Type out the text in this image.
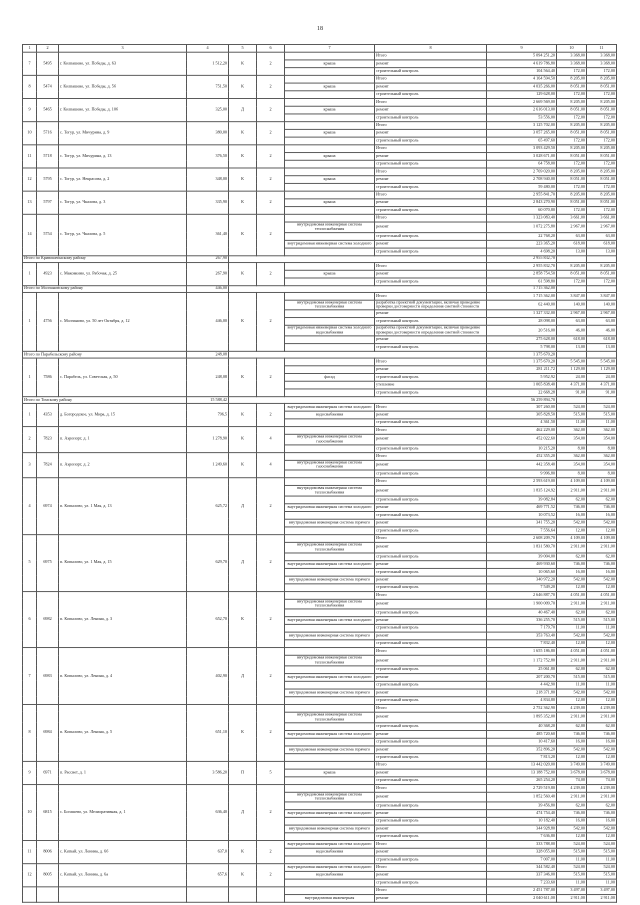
18
1	2	3	4	5	6	7	8	9	10	11
7	5495	г. Колпашево, ул. Победы, д. 63	1 512,20	К	2		Итого	5 094 251,20	3 368,00	3 368,00
						крыша	ремонт	4 619 786,80	3 368,00	3 368,00
							строительный контроль	104 564,40	172,00	172,00
8	5474	г. Колпашево, ул. Победы, д. 5б	751,50	К	2		Итого	4 164 594,50	8 205,00	8 205,00
						крыша	ремонт	4 035 266,00	8 051,00	8 051,00
							строительный контроль	129 628,00	172,00	172,00
9	5465	г. Колпашево, ул. Победы, д. 10б	325,00	Д	2		Итого	2 669 569,00	8 205,00	8 205,00
						крыша	ремонт	2 616 013,00	8 051,00	8 051,00
							строительный контроль	53 556,00	172,00	172,00
10	5716	с. Тогур, ул. Мичурина, д. 9	380,00	К	2		Итого	3 125 702,00	8 205,00	8 205,00
						крыша	ремонт	3 057 265,00	8 051,00	8 051,00
							строительный контроль	65 497,60	172,00	172,00
11	5718	с. Тогур, ул. Мичурина, д. 13	376,50	К	2		Итого	3 093 429,50	8 205,00	8 205,00
						крыша	ремонт	3 028 671,00	8 051,00	8 051,00
							строительный контроль	64 758,00	172,00	172,00
12	5795	с. Тогур, ул. Некрасова, д. 2	348,00	К	2		Итого	2 769 020,00	8 205,00	8 205,00
						крыша	ремонт	2 708 940,00	8 051,00	8 051,00
							строительный контроль	59 480,00	172,00	172,00
13	5797	с. Тогур, ул. Чкалова, д. 3	335,90	К	2		Итого	2 955 841,70	8 205,00	8 205,00
						крыша	ремонт	2 843 270,90	8 051,00	8 051,00
							строительный контроль	60 070,80	172,00	172,00
14	5754	с. Тогур, ул. Чкалова, д. 5	361,40	К	2		Итого	1 323 083,40	3 661,00	3 661,00
						внутридомовая инженерная система теплоснабжения	ремонт	1 072 275,80	2 967,00	2 967,00
							строительный контроль	22 768,20	63,00	63,00
						внутридомовая инженерная система холодного	ремонт	223 365,20	618,00	618,00
							строительный контроль	4 698,20	13,00	13,00
Итого по Кривошеинскому району			267,90					2 955 832,70		
1	4923	с. Маковкино, ул. Рабочая, д. 25	267,90	К	2		Итого	2 955 832,70	8 205,00	8 205,00
						крыша	ремонт	2 858 754,50	8 051,00	8 051,00
							строительный контроль	61 598,80	172,00	172,00
Итого по Молчановскому району			446,00					1 715 362,00		
1	4756	с. Молчаново, ул. 50 лет Октября, д. 12	446,00	К	2		Итого	1 715 362,00	3 847,00	3 847,00
						внутридомовая инженерная система теплоснабжения	разработка проектной документации, включая проведение проверки достоверности определения сметной стоимости	62 440,00	140,00	140,00
							ремонт	1 327 332,00	2 967,00	2 967,00
							строительный контроль	28 098,00	63,00	63,00
						внутридомовая инженерная система холодного водоснабжения	разработка проектной документации, включая проведение проверки достоверности определения сметной стоимости	20 516,00	46,00	46,00
							ремонт	275 628,00	618,00	618,00
							строительный контроль	5 798,00	13,00	13,00
Итого по Парабельскому району			248,08					1 375 670,20		
1	7586	с. Парабель, ул. Советская, д. 50	248,08	К	2		Итого	1 375 670,20	5 545,00	5 545,00
							ремонт	281 211,72	1 129,00	1 129,00
						фасад	строительный контроль	5 952,92	24,00	24,00
							утепление	1 065 838,40	4 371,00	4 371,00
							строительный контроль	22 668,28	91,00	91,00
Итого по Томскому району			15 588,42					56 259 894,70		
1	4353	д. Богородское, ул. Мира, д. 15	796,5	К	2	внутридомовая инженерная система холодного	Итого	307 260,00	524,00	524,00
						водоснабжения	ремонт	305 828,50	515,00	515,00
							строительный контроль	4 361,50	11,00	11,00
2	7823	п. Аэропорт, д. 1	1 278,90	К	4		Итого	462 229,00	362,00	362,00
						внутридомовая инженерная система газоснабжения	ремонт	452 022,60	354,00	354,00
							строительный контроль	10 215,20	8,00	8,00
3	7824	п. Аэропорт, д. 2	1 249,60	К	4		Итого	452 355,20	362,00	362,00
						внутридомовая инженерная система газоснабжения	ремонт	442 358,40	354,00	354,00
							строительный контроль	9 996,80	8,00	8,00
4	6974	п. Копылово, ул. 1 Мая, д. 13	625,72	Д	2		Итого	2 593 619,00	4 109,00	4 109,00
						внутридомовая инженерная система теплоснабжения	ремонт	1 835 124,92	2 911,00	2 911,00
							строительный контроль	39 082,84	62,00	62,00
						внутридомовая инженерная система холодного	ремонт	469 771,52	746,00	746,00
							строительный контроль	10 073,52	16,00	16,00
						внутридомовая инженерная система горячего	ремонт	341 755,20	542,00	542,00
							строительный контроль	7 556,64	12,00	12,00
5	6975	п. Копылово, ул. 1 Мая, д. 15	629,70	Д	2		Итого	2 608 209,70	4 109,00	4 109,00
						внутридомовая инженерная система теплоснабжения	ремонт	1 831 580,70	2 911,00	2 911,00
							строительный контроль	39 004,00	62,00	62,00
						внутридомовая инженерная система холодного	ремонт	469 930,60	746,00	746,00
							строительный контроль	10 065,60	16,00	16,00
						внутридомовая инженерная система горячего	ремонт	340 972,20	542,00	542,00
							строительный контроль	7 549,20	12,00	12,00
6	6982	п. Копылово, ул. Ленина, д. 3	652,70	К	2		Итого	2 646 887,70	4 051,00	4 051,00
						внутридомовая инженерная система теплоснабжения	ремонт	1 900 009,70	2 911,00	2 911,00
							строительный контроль	40 467,40	62,00	62,00
						внутридомовая инженерная система холодного	ремонт	336 255,70	515,00	515,00
							строительный контроль	7 179,70	11,00	11,00
						внутридомовая инженерная система горячего	ремонт	353 763,40	542,00	542,00
							строительный контроль	7 832,40	12,00	12,00
7	6983	п. Копылово, ул. Ленина, д. 4	402,90	Д	2		Итого	1 655 186,80	4 051,00	4 051,00
						внутридомовая инженерная система теплоснабжения	ремонт	1 172 752,80	2 911,00	2 911,00
							строительный контроль	25 061,80	62,00	62,00
						внутридомовая инженерная система холодного	ремонт	207 200,70	515,00	515,00
							строительный контроль	4 442,90	11,00	11,00
						внутридомовая инженерная система горячего	ремонт	218 371,80	542,00	542,00
							строительный контроль	4 834,80	12,00	12,00
8	6984	п. Копылово, ул. Ленина, д. 5	651,10	К	2		Итого	2 752 362,90	4 239,00	4 239,00
						внутридомовая инженерная система теплоснабжения	ремонт	1 895 352,00	2 911,00	2 911,00
							строительный контроль	40 368,20	62,00	62,00
						внутридомовая инженерная система холодного	ремонт	485 720,60	746,00	746,00
							строительный контроль	10 417,60	16,00	16,00
						внутридомовая инженерная система горячего	ремонт	352 896,20	542,00	542,00
							строительный контроль	7 813,20	12,00	12,00
9	6971	п. Рассвет, д. 1	3 586,20	П	5		Итого	13 442 020,00	3 749,00	3 749,00
						крыша	ремонт	13 188 752,00	3 678,00	3 678,00
							строительный контроль	265 254,20	74,00	74,00
10	6815	с. Богашево, ул. Мелиоративная, д. 1	636,40	Д	2		Итого	2 729 519,80	4 239,00	4 239,00
						внутридомовая инженерная система теплоснабжения	ремонт	1 852 560,40	2 911,00	2 911,00
							строительный контроль	39 456,80	62,00	62,00
						внутридомовая инженерная система холодного	ремонт	474 754,40	746,00	746,00
							строительный контроль	10 182,40	16,00	16,00
						внутридомовая инженерная система горячего	ремонт	344 928,80	542,00	542,00
							строительный контроль	7 636,80	12,00	12,00
11	8006	с. Каткай, ул. Ленина, д. 6б	637,0	К	2	внутридомовая инженерная система холодного	Итого	333 788,00	524,00	524,00
						водоснабжения	ремонт	328 055,00	515,00	515,00
							строительный контроль	7 007,00	11,00	11,00
12	8005	с. Каткай, ул. Ленина, д. 6а	657,6	К	2	внутридомовая инженерная система холодного	Итого	344 582,40	524,00	524,00
						водоснабжения	ремонт	337 346,00	515,00	515,00
							строительный контроль	7 233,60	11,00	11,00
							Итого	2 451 787,00	3 497,00	3 497,00
						внутридомовая инженерная	ремонт	2 040 611,00	2 911,00	2 911,00
